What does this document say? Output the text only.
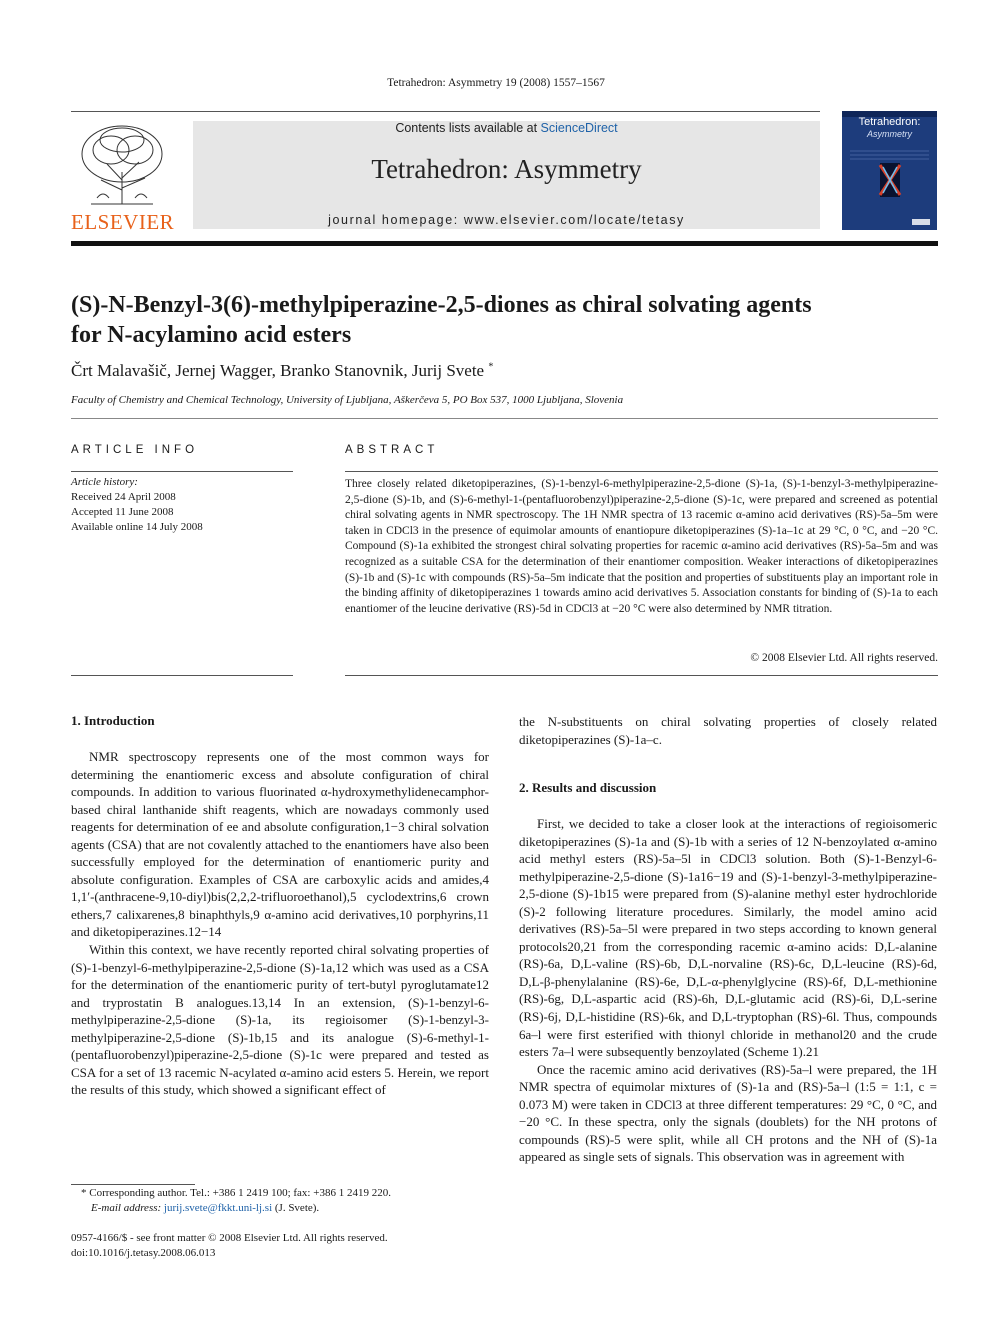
Tetrahedron: Asymmetry 19 (2008) 1557–1567
ELSEVIER
Contents lists available at ScienceDirect
Tetrahedron: Asymmetry
journal homepage: www.elsevier.com/locate/tetasy
Tetrahedron:
Asymmetry
(S)-N-Benzyl-3(6)-methylpiperazine-2,5-diones as chiral solvating agents
for N-acylamino acid esters
Črt Malavašič, Jernej Wagger, Branko Stanovnik, Jurij Svete *
Faculty of Chemistry and Chemical Technology, University of Ljubljana, Aškerčeva 5, PO Box 537, 1000 Ljubljana, Slovenia
ARTICLE INFO	ABSTRACT
Article history:
Received 24 April 2008
Accepted 11 June 2008
Available online 14 July 2008
Three closely related diketopiperazines, (S)-1-benzyl-6-methylpiperazine-2,5-dione (S)-1a, (S)-1-benzyl-3-methylpiperazine-2,5-dione (S)-1b, and (S)-6-methyl-1-(pentafluorobenzyl)piperazine-2,5-dione (S)-1c, were prepared and screened as potential chiral solvating agents in NMR spectroscopy. The 1H NMR spectra of 13 racemic α-amino acid derivatives (RS)-5a–5m were taken in CDCl3 in the presence of equimolar amounts of enantiopure diketopiperazines (S)-1a–1c at 29 °C, 0 °C, and −20 °C. Compound (S)-1a exhibited the strongest chiral solvating properties for racemic α-amino acid derivatives (RS)-5a–5m and was recognized as a suitable CSA for the determination of their enantiomer composition. Weaker interactions of diketopiperazines (S)-1b and (S)-1c with compounds (RS)-5a–5m indicate that the position and properties of substituents play an important role in the binding affinity of diketopiperazines 1 towards amino acid derivatives 5. Association constants for binding of (S)-1a to each enantiomer of the leucine derivative (RS)-5d in CDCl3 at −20 °C were also determined by NMR titration.
© 2008 Elsevier Ltd. All rights reserved.
1. Introduction

NMR spectroscopy represents one of the most common ways for determining the enantiomeric excess and absolute configuration of chiral compounds. In addition to various fluorinated α-hydroxymethylidenecamphor-based chiral lanthanide shift reagents, which are nowadays commonly used reagents for determination of ee and absolute configuration,1−3 chiral solvation agents (CSA) that are not covalently attached to the enantiomers have also been successfully employed for the determination of enantiomeric purity and absolute configuration. Examples of CSA are carboxylic acids and amides,4 1,1′-(anthracene-9,10-diyl)bis(2,2,2-trifluoroethanol),5 cyclodextrins,6 crown ethers,7 calixarenes,8 binaphthyls,9 α-amino acid derivatives,10 porphyrins,11 and diketopiperazines.12−14

Within this context, we have recently reported chiral solvating properties of (S)-1-benzyl-6-methylpiperazine-2,5-dione (S)-1a,12 which was used as a CSA for the determination of the enantiomeric purity of tert-butyl pyroglutamate12 and tryprostatin B analogues.13,14 In an extension, (S)-1-benzyl-6-methylpiperazine-2,5-dione (S)-1a, its regioisomer (S)-1-benzyl-3-methylpiperazine-2,5-dione (S)-1b,15 and its analogue (S)-6-methyl-1-(pentafluorobenzyl)piperazine-2,5-dione (S)-1c were prepared and tested as CSA for a set of 13 racemic N-acylated α-amino acid esters 5. Herein, we report the results of this study, which showed a significant effect of

the N-substituents on chiral solvating properties of closely related diketopiperazines (S)-1a–c.

2. Results and discussion

First, we decided to take a closer look at the interactions of regioisomeric diketopiperazines (S)-1a and (S)-1b with a series of 12 N-benzoylated α-amino acid methyl esters (RS)-5a–5l in CDCl3 solution. Both (S)-1-Benzyl-6-methylpiperazine-2,5-dione (S)-1a16−19 and (S)-1-benzyl-3-methylpiperazine-2,5-dione (S)-1b15 were prepared from (S)-alanine methyl ester hydrochloride (S)-2 following literature procedures. Similarly, the model amino acid derivatives (RS)-5a–5l were prepared in two steps according to known general protocols20,21 from the corresponding racemic α-amino acids: D,L-alanine (RS)-6a, D,L-valine (RS)-6b, D,L-norvaline (RS)-6c, D,L-leucine (RS)-6d, D,L-β-phenylalanine (RS)-6e, D,L-α-phenylglycine (RS)-6f, D,L-methionine (RS)-6g, D,L-aspartic acid (RS)-6h, D,L-glutamic acid (RS)-6i, D,L-serine (RS)-6j, D,L-histidine (RS)-6k, and D,L-tryptophan (RS)-6l. Thus, compounds 6a–l were first esterified with thionyl chloride in methanol20 and the crude esters 7a–l were subsequently benzoylated (Scheme 1).21

Once the racemic amino acid derivatives (RS)-5a–l were prepared, the 1H NMR spectra of equimolar mixtures of (S)-1a and (RS)-5a–l (1:5 = 1:1, c = 0.073 M) were taken in CDCl3 at three different temperatures: 29 °C, 0 °C, and −20 °C. In these spectra, only the signals (doublets) for the NH protons of compounds (RS)-5 were split, while all CH protons and the NH of (S)-1a appeared as single sets of signals. This observation was in agreement with

* Corresponding author. Tel.: +386 1 2419 100; fax: +386 1 2419 220.
E-mail address: jurij.svete@fkkt.uni-lj.si (J. Svete).
0957-4166/$ - see front matter © 2008 Elsevier Ltd. All rights reserved.
doi:10.1016/j.tetasy.2008.06.013
